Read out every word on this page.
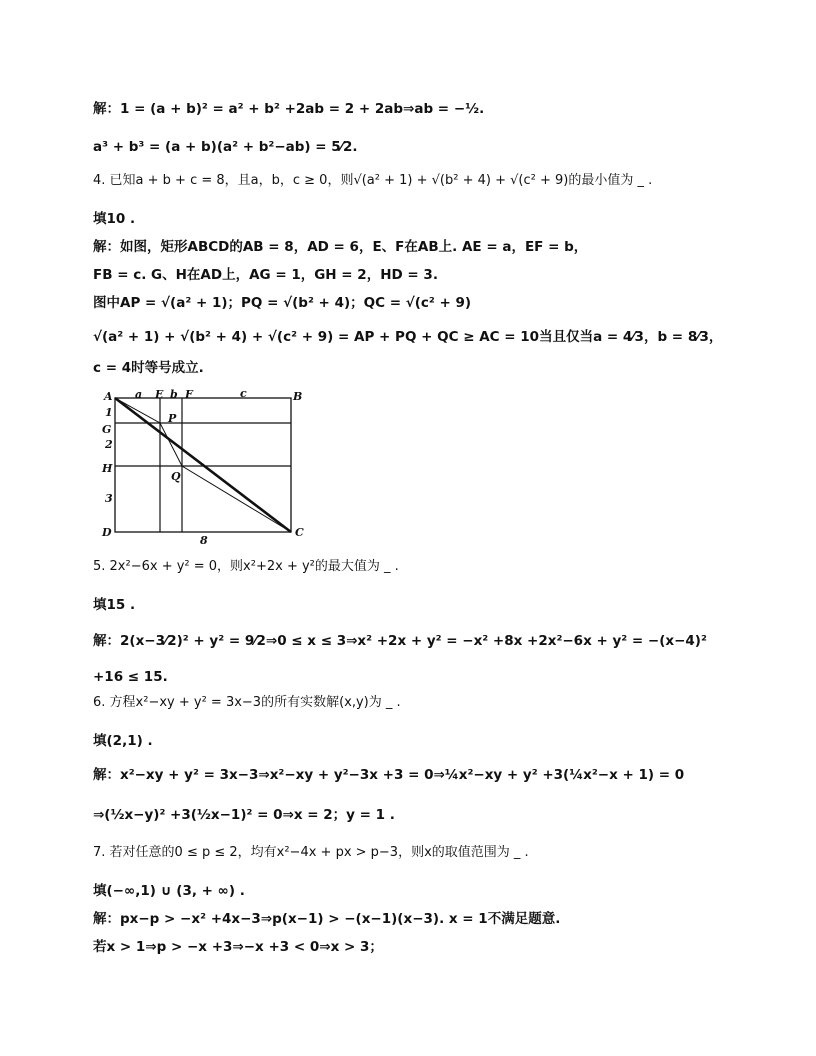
解：1 = (a + b)² = a² + b² +2ab = 2 + 2ab⇒ab = −½.
a³ + b³ = (a + b)(a² + b²−ab) = 5⁄2.
4. 已知a + b + c = 8，且a，b，c ≥ 0，则√(a² + 1) + √(b² + 4) + √(c² + 9)的最小值为 _ .
填10 .
解：如图，矩形ABCD的AB = 8，AD = 6，E、F在AB上. AE = a，EF = b，
FB = c. G、H在AD上，AG = 1，GH = 2，HD = 3.
图中AP = √(a² + 1)；PQ = √(b² + 4)；QC = √(c² + 9)
√(a² + 1) + √(b² + 4) + √(c² + 9) = AP + PQ + QC ≥ AC = 10当且仅当a = 4⁄3，b = 8⁄3，
c = 4时等号成立.
A	B
C
D
E F
G
H
P
Q
a	b	c
1
2
3
8
5. 2x²−6x + y² = 0，则x²+2x + y²的最大值为 _ .
填15 .
解：2(x−3⁄2)² + y² = 9⁄2⇒0 ≤ x ≤ 3⇒x² +2x + y² = −x² +8x +2x²−6x + y² = −(x−4)²
+16 ≤ 15.
6. 方程x²−xy + y² = 3x−3的所有实数解(x,y)为 _ .
填(2,1) .
解：x²−xy + y² = 3x−3⇒x²−xy + y²−3x +3 = 0⇒¼x²−xy + y² +3(¼x²−x + 1) = 0
⇒(½x−y)² +3(½x−1)² = 0⇒x = 2；y = 1 .
7. 若对任意的0 ≤ p ≤ 2，均有x²−4x + px > p−3，则x的取值范围为 _ .
填(−∞,1) ∪ (3, + ∞) .
解：px−p > −x² +4x−3⇒p(x−1) > −(x−1)(x−3). x = 1不满足题意.
若x > 1⇒p > −x +3⇒−x +3 < 0⇒x > 3；
